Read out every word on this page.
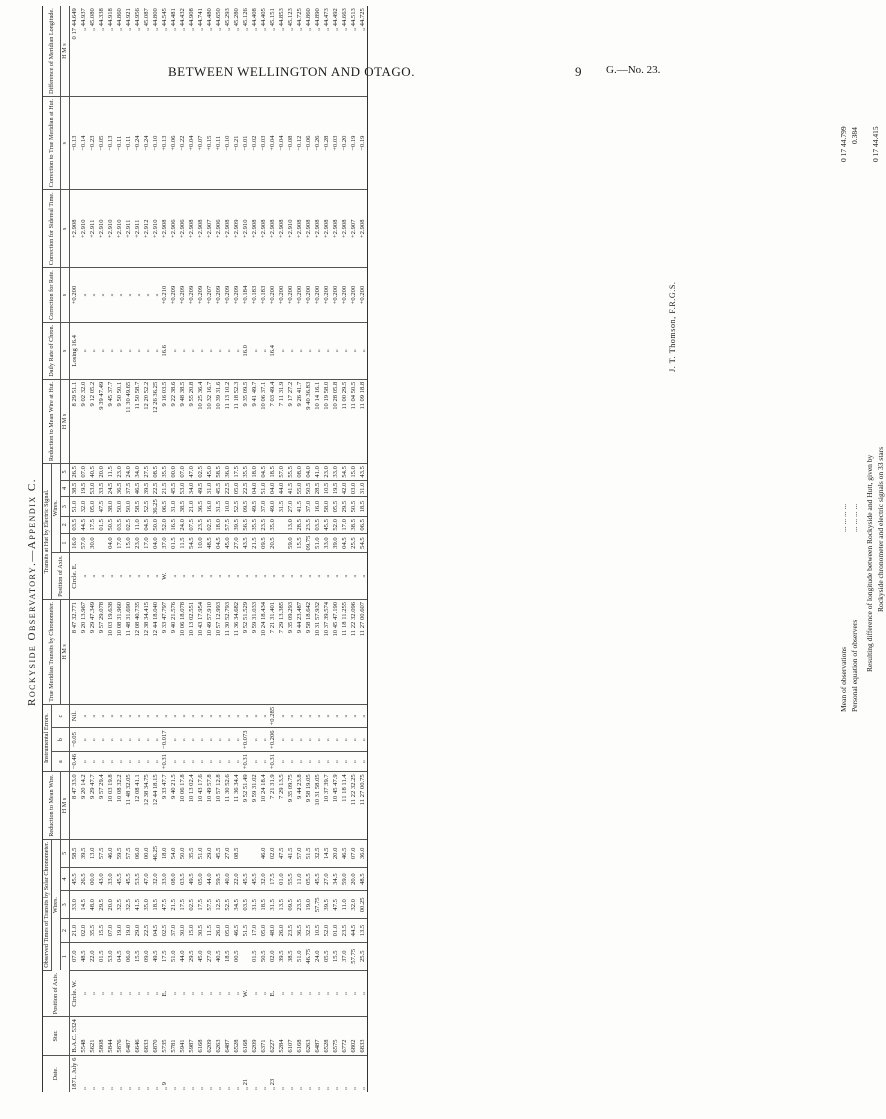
BETWEEN WELLINGTON AND OTAGO.	9 G.—No. 23.
Rockyside Observatory.—Appendix C.
Date.	Star.	Position of Axis.	Observed Times of Transits by Solar Chronometer.					Reduction to Mean Wire.	Instrumental Errors.			True Meridian Transits by Chronometer.	Transits at Hut by Electric Signal.						Reduction to Mean Wire at Hut.	Daily Rate of Chron.	Correction for Rate.	Correction for Sidereal Time.	Correction to True Meridian at Hut.	Difference of Meridian Longitude.
			Wires.						a	b	c		Position of Axis.	Wires.										
			1	2	3	4	5	H M s				H M s		1	2	3	4	5	H M s	s	s	s	s	H M s
1871. July 6	B.A.C. 5324	Circle. W.	07.0	21.0	33.0	45.5	58.5	8 47 33.0	−0.46	−0.05	Nil.	8 47 32.771	Circle. E.	16.0	03.5	51.0	38.5	26.5	8 29 51.1	Losing 16.4	+0.200	+2.908	−0.13	0 17 44.649
„	5548	„	48.5	02.0	14.5	26.5	39.5	9 20 14.2	„	„	„	9 20 13.967	„	57.0	44.5	32.0	19.5	07.0	9 02 32.0	„	„	+2.910	−0.14	„ 44.937
„	5621	„	22.0	35.5	48.0	00.0	13.0	9 29 47.7	„	„	„	9 29 47.349	„	30.0	17.5	05.0	53.0	40.5	9 12 05.2	„	„	+2.911	−0.23	„ 45.080
„	5808	„	01.5	15.5	29.5	43.0	57.5	9 57 29.4	„	„	„	9 57 29.078	„		01.5	47.5	33.5	20.0	9 39 47.49	„	„	+2.910	−0.05	„ 44.338
„	5844	„	53.0	07.0	20.0	33.0	46.0	10 03 19.8	„	„	„	10 03 19.638	„	04.0	50.5	38.0	24.5	11.5	9 45 37.7	„	„	+2.910	−0.13	„ 44.918
„	5876	„	04.5	19.0	32.5	45.5	59.5	10 08 32.2	„	„	„	10 08 31.960	„	17.0	03.5	50.0	36.5	23.0	9 50 50.1	„	„	+2.910	−0.11	„ 44.860
„	6487	„	06.0	19.0	32.5	45.5	57.5	11 48 32.05	„	„	„	11 48 31.690	„	15.0	02.5	50.0	37.5	24.0	11 30 49.65	„	„	+2.911	−0.11	„ 44.921
„	6646	„	15.5	29.0	41.5	53.5	06.0	12 08 41.1	„	„	„	12 08 40.735	„	23.0	11.0	58.5	46.5	34.0	11 50 58.7	„	„	+2.911	−0.24	„ 44.956
„	6833	„	09.0	22.5	35.0	47.0	00.0	12 38 34.75	„	„	„	12 38 34.415	„	17.0	04.5	52.5	39.5	27.5	12 20 52.2	„	„	+2.912	−0.24	„ 45.087
„	6870	„	49.5	04.5	18.5	32.0	46.25	12 44 18.15	„	„	„	12 44 18.040	„	04.0	50.0	36.25	22.5	08.5	12 26 36.25	„	„	+2.910	−0.10	„ 44.800
„ 9	5735	E.	17.5	02.5	47.5	33.0	18.0	9 33 47.7	+0.31	−0.017	„	9 33 47.797	W.	37.0	52.0	06.5	21.5	35.5	9 16 03.5	16.6	+0.210	+2.908	+0.13	„ 44.545
„	5781	„	51.0	37.0	21.5	08.0	54.0	9 40 21.5	„	„	„	9 40 21.576	„	01.5	16.5	31.0	45.5	00.0	9 22 38.6	„	+0.209	+2.906	+0.06	„ 44.481
„	5941	„	44.0	30.0	17.5	03.5	50.0	10 06 17.8	„	„	„	10 06 18.078	„	11.5	24.0	38.5	53.0	07.0	9 48 38.5	„	+0.209	+2.906	−0.22	„ 44.432
„	5987	„	29.5	15.0	02.5	49.5	35.5	10 13 02.4	„	„	„	10 13 02.551	„	54.5	07.5	21.0	34.0	47.0	9 55 20.8	„	+0.209	+2.908	+0.04	„ 44.908
„	6168	„	45.0	30.5	17.5	05.0	51.0	10 43 17.6	„	„	„	10 43 17.954	„	10.0	23.5	36.5	49.5	02.5	10 25 36.4	„	+0.209	+2.908	+0.07	„ 44.741
„	6209	„	27.0	11.5	57.5	44.0	29.0	10 49 57.8	„	„	„	10 49 57.910	„	48.5	02.5	16.0	31.0	45.0	10 32 16.7	„	+0.207	+2.907	+0.15	„ 44.480
„	6263	„	40.5	26.0	12.5	59.5	45.5	10 57 12.8	„	„	„	10 57 12.993	„	04.5	18.0	31.5	45.5	58.5	10 39 31.6	„	+0.209	+2.906	+0.11	„ 44.650
„	6487	„	18.5	05.0	52.5	40.0	27.0	11 30 52.6	„	„	„	11 30 52.793	„	45.0	57.5	10.0	22.5	36.0	11 13 10.2	„	+0.209	+2.908	−0.10	„ 45.293
„	6528	„	00.5	46.5	34.5	22.0	08.5	11 36 34.4	„	„	„	11 36 34.682	„	27.0	39.5	52.5	05.0	17.5	11 18 52.3	„	+0.209	+2.909	−0.21	„ 45.280
„ 21	6168	W.		51.5	03.5	45.5		9 52 51.49	+0.31	+0.073	„	9 52 51.529	„	43.5	56.5	09.5	22.5	35.5	9 35 09.5	16.0	+0.184	+2.910	−0.01	„ 45.126
„	6209	„	01.5	17.0	31.5	45.5		9 59 31.02	„	„	„	9 59 31.033	„	21.5	35.5	49.5	04.0	18.0	9 41 49.7	„	+0.183	+2.908	−0.02	„ 44.408
„	6371	„	50.5	05.0	18.5	32.0	46.0	10 24 18.4	„	„	„	10 24 18.434	„	09.5	23.5	37.0	51.0	04.5	10 06 37.1	„	+0.183	+2.908	−0.03	„ 44.405
„ 23	6227	E.	02.0	48.0	31.5	17.5	02.0	7 21 31.9	+0.31	+0.206	+0.285	7 21 31.401	„	20.5	35.0	49.0	04.0	18.5	7 03 49.4	16.4	+0.200	+2.908	+0.04	„ 45.151
„	5284	„	39.5	26.0	13.5	01.0	47.5	7 29 13.5	„	„	„	7 29 13.385	„			31.5	44.0	57.0	7 11 31.9	„	+0.200	+2.908	−0.04	„ 44.853
„	6107	„	38.5	23.5	09.5	55.5	41.5	9 35 09.75	„	„	„	9 35 09.293	„	59.0	13.0	27.0	41.5	55.5	9 17 27.2	„	+0.200	+2.910	−0.08	„ 45.123
„	6168	„	51.0	36.5	23.5	11.0	57.0	9 44 23.8	„	„	„	9 44 23.487	„	15.5	28.5	41.5	55.0	08.0	9 26 41.7	„	+0.200	+2.908	−0.12	„ 44.725
„	6263	„	46.75	32.5	19.0	05.5	51.5	9 58 19.05	„	„	„	9 58 18.642	„	09.75	23.5	37.0	50.5	04.0	9 40 36.83	„	+0.200	+2.908	−0.06	„ 44.860
„	6487	„	24.0	10.5	57.75	45.5	32.5	10 31 58.05	„	„	„	10 31 57.932	„	51.0	03.5	16.0	28.5	41.0	10 14 16.1	„	+0.200	+2.908	−0.26	„ 44.890
„	6528	„	05.5	52.0	39.5	27.0	14.5	10 37 39.7	„	„	„	10 37 39.574	„	33.0	45.5	58.0	10.5	23.0	10 19 58.0	„	+0.200	+2.908	−0.28	„ 44.473
„	6575	„	15.5	01.0	47.5	34.5	20.0	10 45 47.9	„	„	„	10 45 47.190	„	39.0	52.0	05.5	19.5	33.0	10 28 05.8	„	+0.200	+2.908	+0.03	„ 44.492
„	6772	„	37.0	23.5	11.0	59.0	46.5	11 18 11.4	„	„	„	11 18 11.255	„	04.5	17.0	29.5	42.0	54.5	11 00 29.5	„	+0.200	+2.908	−0.20	„ 44.663
„	6802	„	57.75	44.5	32.0	20.0	07.0	11 22 32.25	„	„	„	11 22 32.096	„	25.5	38.5	50.5	03.0	15.0	11 04 50.5	„	+0.200	+2.907	−0.19	„ 44.513
„	6833	„	25.5	13.5	00.25	48.5	36.0	11 27 00.75	„	„	„	11 27 00.607	„	54.5	06.5	18.5	31.0	43.5	11 09 18.8	„	+0.200	+2.908	−0.19	„ 44.725
Mean of observations
... ... ... ...
0 17 44.799
Personal equation of observers
... ... ... ...
0.384
Resulting difference of longitude between Rockyside and Hutt, given by Rockyside chronometer and electric signals on 33 stars
0 17 44.415
J. T. Thomson, F.R.G.S.
